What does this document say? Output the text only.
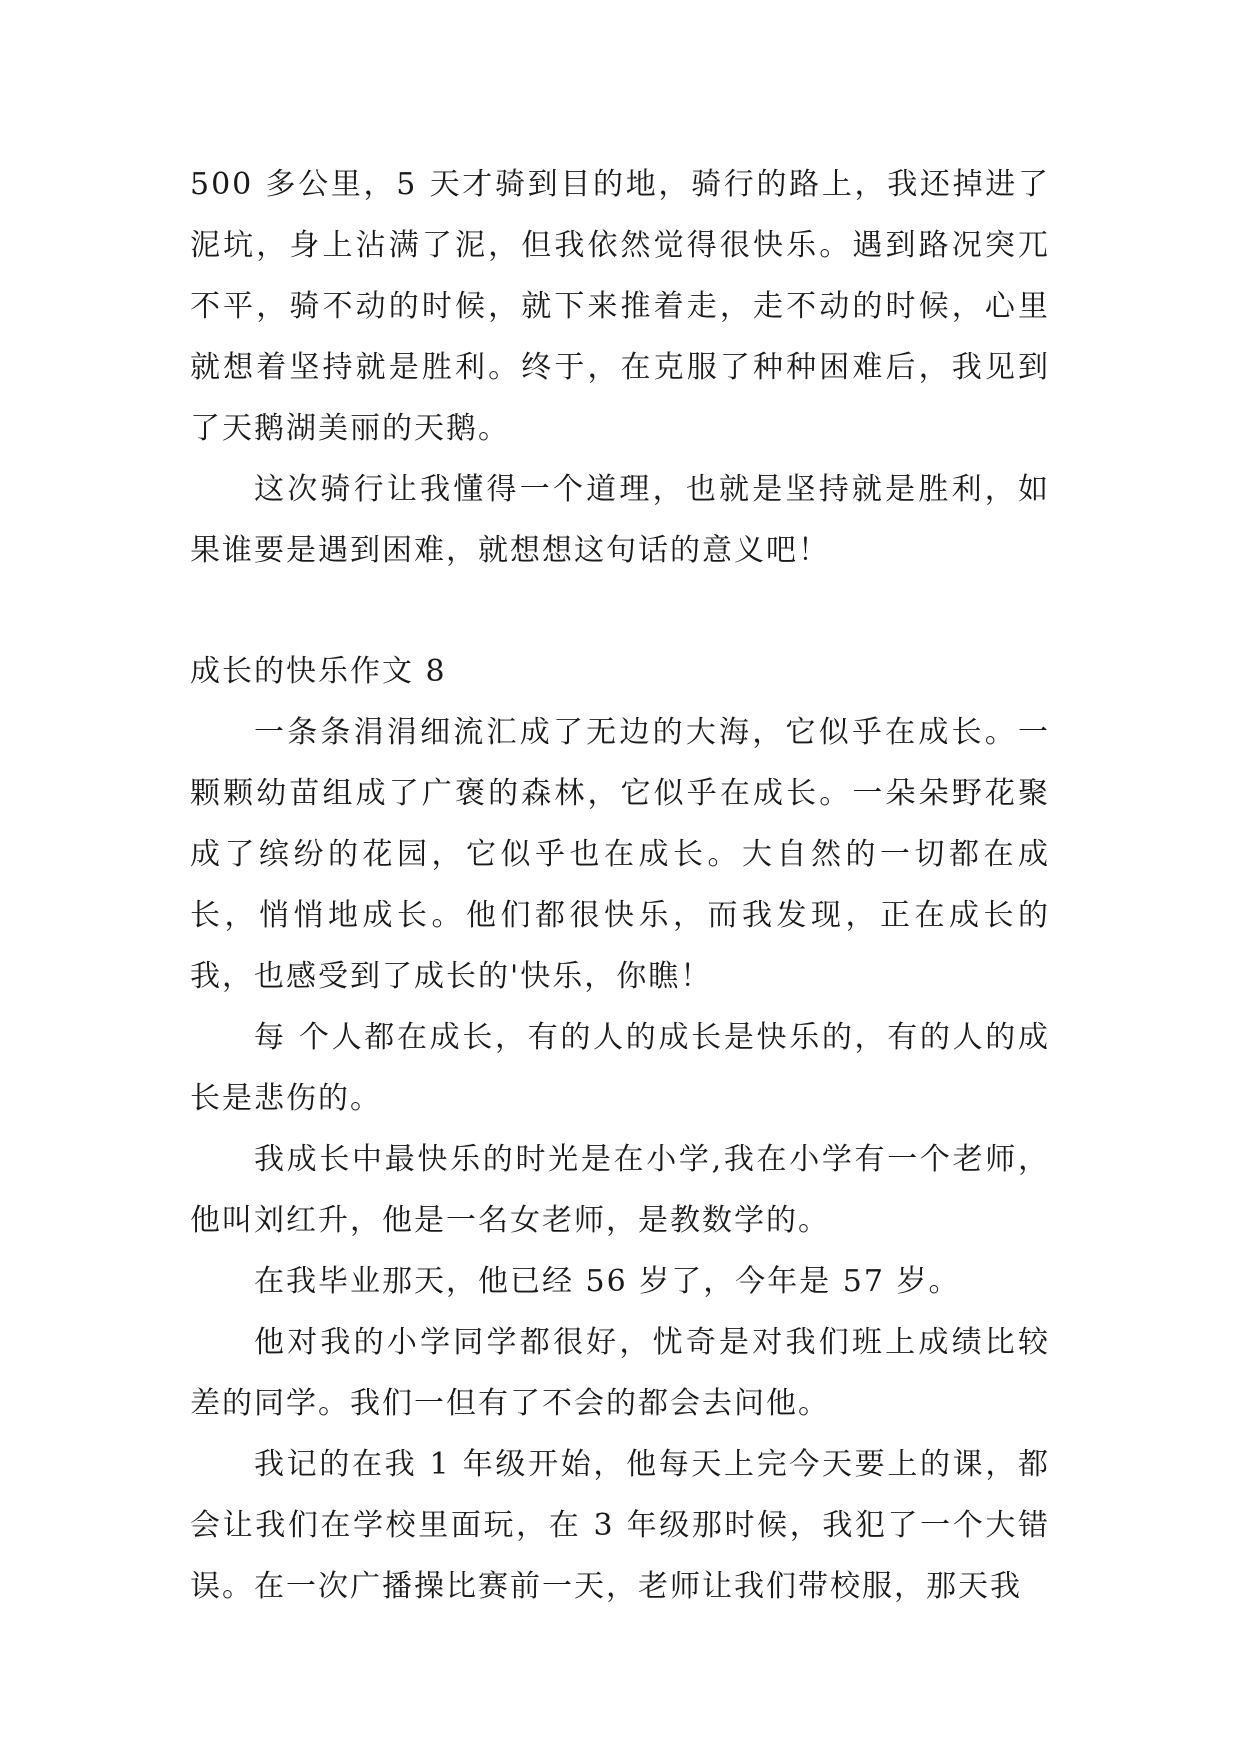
500 多公里，5 天才骑到目的地，骑行的路上，我还掉进了泥坑，身上沾满了泥，但我依然觉得很快乐。遇到路况突兀不平，骑不动的时候，就下来推着走，走不动的时候，心里就想着坚持就是胜利。终于，在克服了种种困难后，我见到了天鹅湖美丽的天鹅。

这次骑行让我懂得一个道理，也就是坚持就是胜利，如果谁要是遇到困难，就想想这句话的意义吧！

成长的快乐作文 8

一条条涓涓细流汇成了无边的大海，它似乎在成长。一颗颗幼苗组成了广褒的森林，它似乎在成长。一朵朵野花聚成了缤纷的花园，它似乎也在成长。大自然的一切都在成长，悄悄地成长。他们都很快乐，而我发现，正在成长的我，也感受到了成长的'快乐，你瞧！

每 个人都在成长，有的人的成长是快乐的，有的人的成长是悲伤的。

我成长中最快乐的时光是在小学,我在小学有一个老师，他叫刘红升，他是一名女老师，是教数学的。

在我毕业那天，他已经 56 岁了，今年是 57 岁。

他对我的小学同学都很好，忧奇是对我们班上成绩比较差的同学。我们一但有了不会的都会去问他。

我记的在我 1 年级开始，他每天上完今天要上的课，都会让我们在学校里面玩，在 3 年级那时候，我犯了一个大错误。在一次广播操比赛前一天，老师让我们带校服，那天我
